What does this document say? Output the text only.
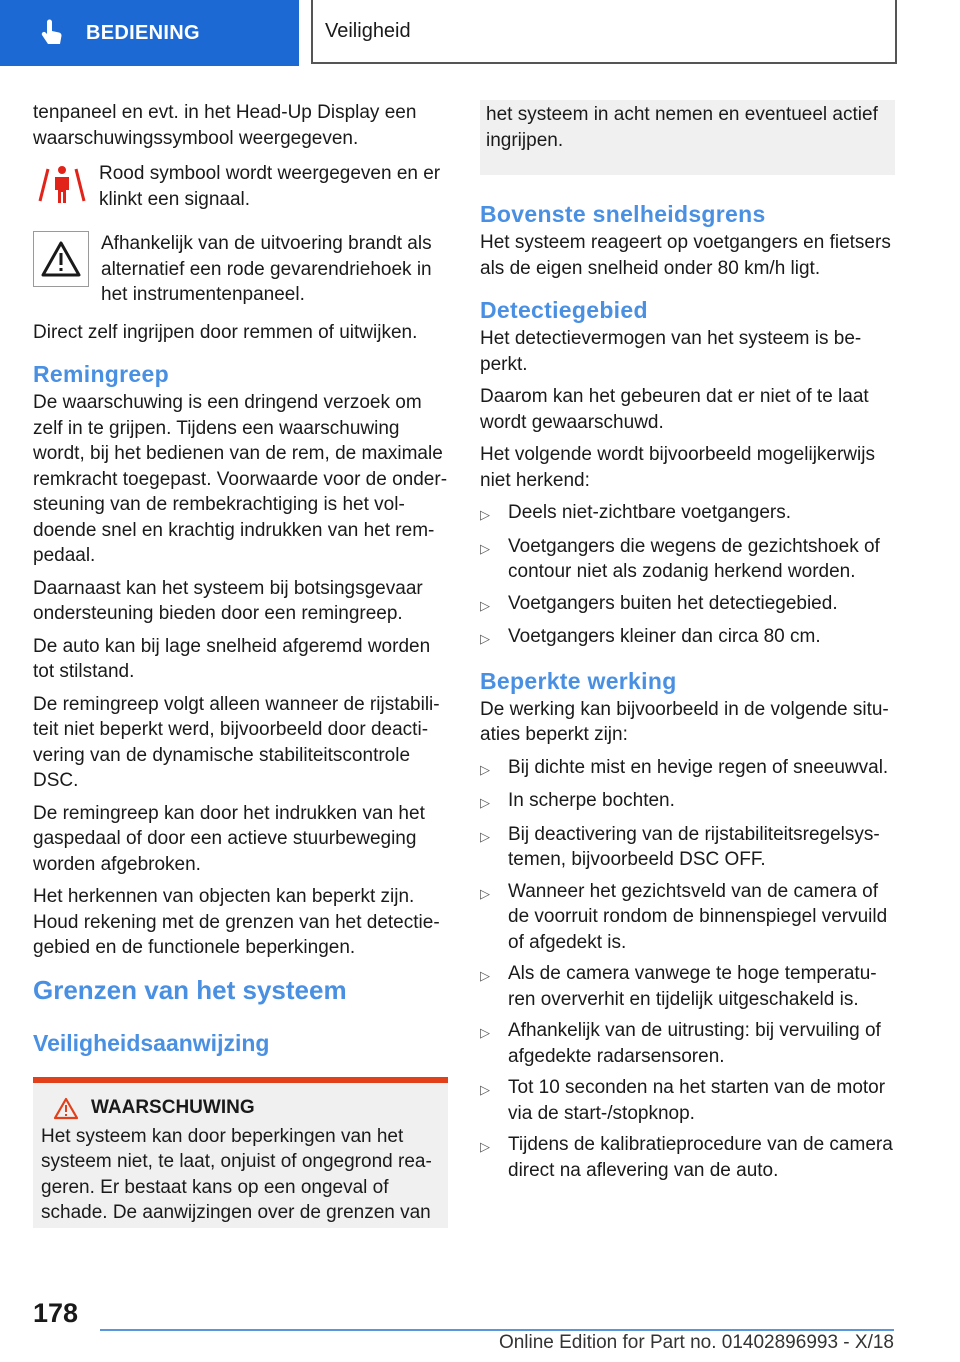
BEDIENING	Veiligheid

tenpaneel en evt. in het Head-Up Display een waarschuwingssymbool weergegeven.

Rood symbool wordt weergegeven en er klinkt een signaal.

Afhankelijk van de uitvoering brandt als alternatief een rode gevarendriehoek in het instrumentenpaneel.

Direct zelf ingrijpen door remmen of uitwijken.

Remingreep

De waarschuwing is een dringend verzoek om zelf in te grijpen. Tijdens een waarschuwing wordt, bij het bedienen van de rem, de maximale remkracht toegepast. Voorwaarde voor de ondersteuning van de rembekrachtiging is het voldoende snel en krachtig indrukken van het rempedaal.

Daarnaast kan het systeem bij botsingsgevaar ondersteuning bieden door een remingreep.

De auto kan bij lage snelheid afgeremd worden tot stilstand.

De remingreep volgt alleen wanneer de rijstabiliteit niet beperkt werd, bijvoorbeeld door deactivering van de dynamische stabiliteitscontrole DSC.

De remingreep kan door het indrukken van het gaspedaal of door een actieve stuurbeweging worden afgebroken.

Het herkennen van objecten kan beperkt zijn. Houd rekening met de grenzen van het detectiegebied en de functionele beperkingen.

Grenzen van het systeem
Veiligheidsaanwijzing
WAARSCHUWING

Het systeem kan door beperkingen van het systeem niet, te laat, onjuist of ongegrond reageren. Er bestaat kans op een ongeval of schade. De aanwijzingen over de grenzen van

het systeem in acht nemen en eventueel actief ingrijpen.

Bovenste snelheidsgrens

Het systeem reageert op voetgangers en fietsers als de eigen snelheid onder 80 km/h ligt.

Detectiegebied

Het detectievermogen van het systeem is beperkt.

Daarom kan het gebeuren dat er niet of te laat wordt gewaarschuwd.

Het volgende wordt bijvoorbeeld mogelijkerwijs niet herkend:

▷ Deels niet-zichtbare voetgangers.
▷ Voetgangers die wegens de gezichtshoek of contour niet als zodanig herkend worden.
▷ Voetgangers buiten het detectiegebied.
▷ Voetgangers kleiner dan circa 80 cm.
Beperkte werking

De werking kan bijvoorbeeld in de volgende situaties beperkt zijn:

▷ Bij dichte mist en hevige regen of sneeuwval.
▷ In scherpe bochten.
▷ Bij deactivering van de rijstabiliteitsregelsystemen, bijvoorbeeld DSC OFF.
▷ Wanneer het gezichtsveld van de camera of de voorruit rondom de binnenspiegel vervuild of afgedekt is.
▷ Als de camera vanwege te hoge temperaturen oververhit en tijdelijk uitgeschakeld is.
▷ Afhankelijk van de uitrusting: bij vervuiling of afgedekte radarsensoren.
▷ Tot 10 seconden na het starten van de motor via de start-/stopknop.
▷ Tijdens de kalibratieprocedure van de camera direct na aflevering van de auto.
178
Online Edition for Part no. 01402896993 - X/18
